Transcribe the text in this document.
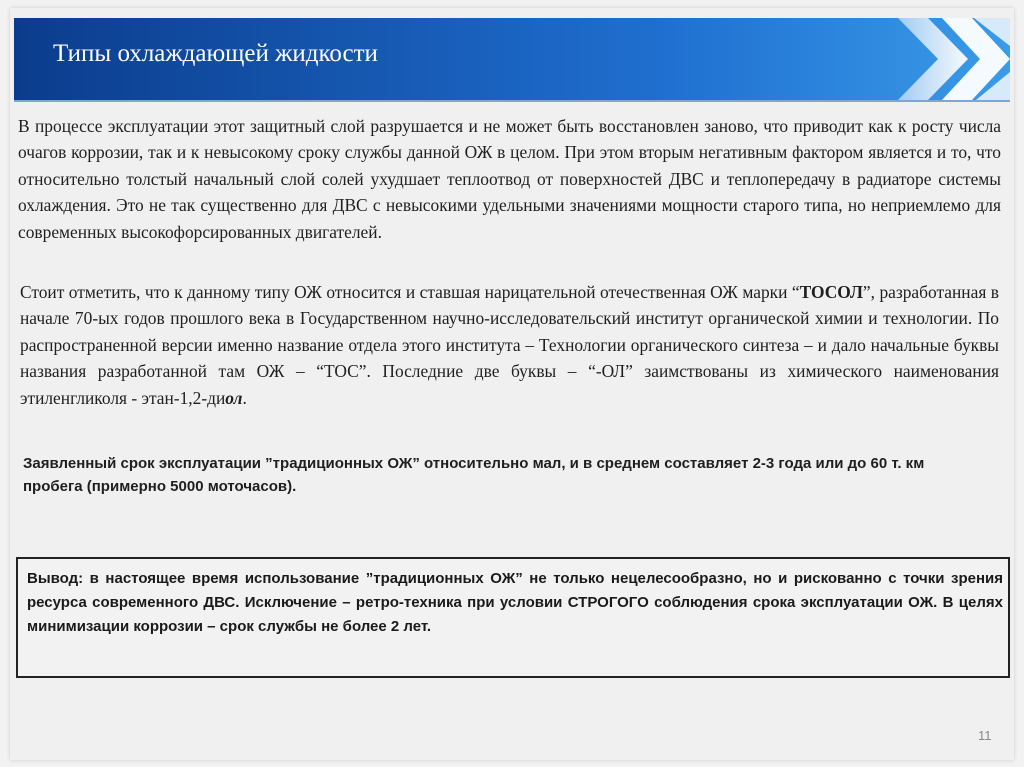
Типы охлаждающей жидкости

В процессе эксплуатации этот защитный слой разрушается и не может быть восстановлен заново, что приводит как к росту числа очагов коррозии, так и к невысокому сроку службы данной ОЖ в целом. При этом вторым негативным фактором является и то, что относительно толстый начальный слой солей ухудшает теплоотвод от поверхностей ДВС и теплопередачу в радиаторе системы охлаждения. Это не так существенно для ДВС с невысокими удельными значениями мощности старого типа, но неприемлемо для современных высокофорсированных двигателей.

Стоит отметить, что к данному типу ОЖ относится и ставшая нарицательной отечественная ОЖ марки “ТОСОЛ”, разработанная в начале 70-ых годов прошлого века в Государственном научно-исследовательский институт органической химии и технологии. По распространенной версии именно название отдела этого института – Технологии органического синтеза – и дало начальные буквы названия разработанной там ОЖ – “ТОС”. Последние две буквы – “-ОЛ” заимствованы из химического наименования этиленгликоля - этан-1,2-диол.

Заявленный срок эксплуатации ”традиционных ОЖ” относительно мал, и в среднем составляет 2-3 года или до 60 т. км пробега (примерно 5000 моточасов).

Вывод: в настоящее время использование ”традиционных ОЖ” не только нецелесообразно, но и рискованно с точки зрения ресурса современного ДВС. Исключение – ретро-техника при условии СТРОГОГО соблюдения срока эксплуатации ОЖ. В целях минимизации коррозии – срок службы не более 2 лет.

11
